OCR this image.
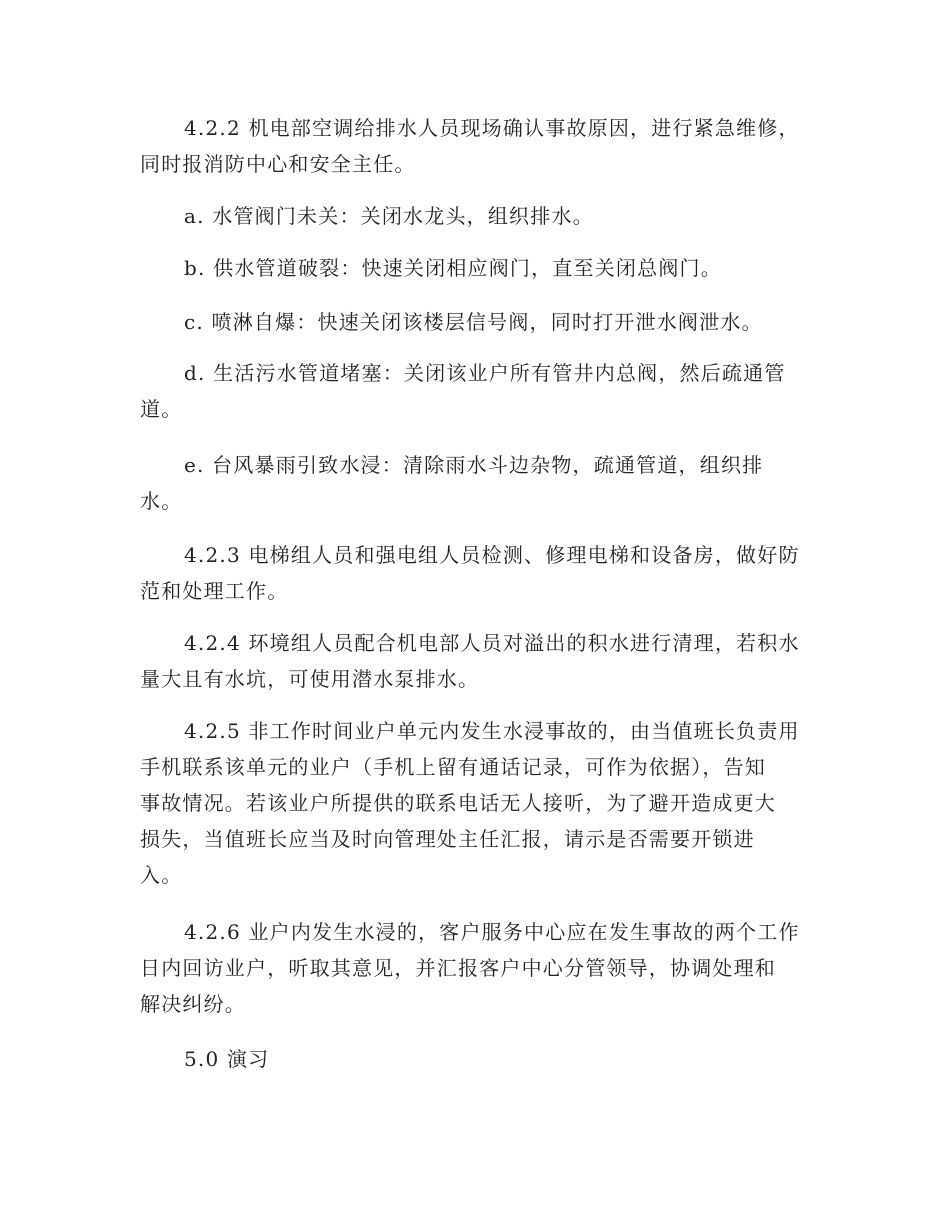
4.2.2 机电部空调给排水人员现场确认事故原因，进行紧急维修，
同时报消防中心和安全主任。

a. 水管阀门未关：关闭水龙头，组织排水。

b. 供水管道破裂：快速关闭相应阀门，直至关闭总阀门。

c. 喷淋自爆：快速关闭该楼层信号阀，同时打开泄水阀泄水。

d. 生活污水管道堵塞：关闭该业户所有管井内总阀，然后疏通管
道。

e. 台风暴雨引致水浸：清除雨水斗边杂物，疏通管道，组织排
水。

4.2.3 电梯组人员和强电组人员检测、修理电梯和设备房，做好防
范和处理工作。

4.2.4 环境组人员配合机电部人员对溢出的积水进行清理，若积水
量大且有水坑，可使用潜水泵排水。

4.2.5 非工作时间业户单元内发生水浸事故的，由当值班长负责用
手机联系该单元的业户（手机上留有通话记录，可作为依据），告知
事故情况。若该业户所提供的联系电话无人接听，为了避开造成更大
损失，当值班长应当及时向管理处主任汇报，请示是否需要开锁进
入。

4.2.6 业户内发生水浸的，客户服务中心应在发生事故的两个工作
日内回访业户，听取其意见，并汇报客户中心分管领导，协调处理和
解决纠纷。

5.0 演习
